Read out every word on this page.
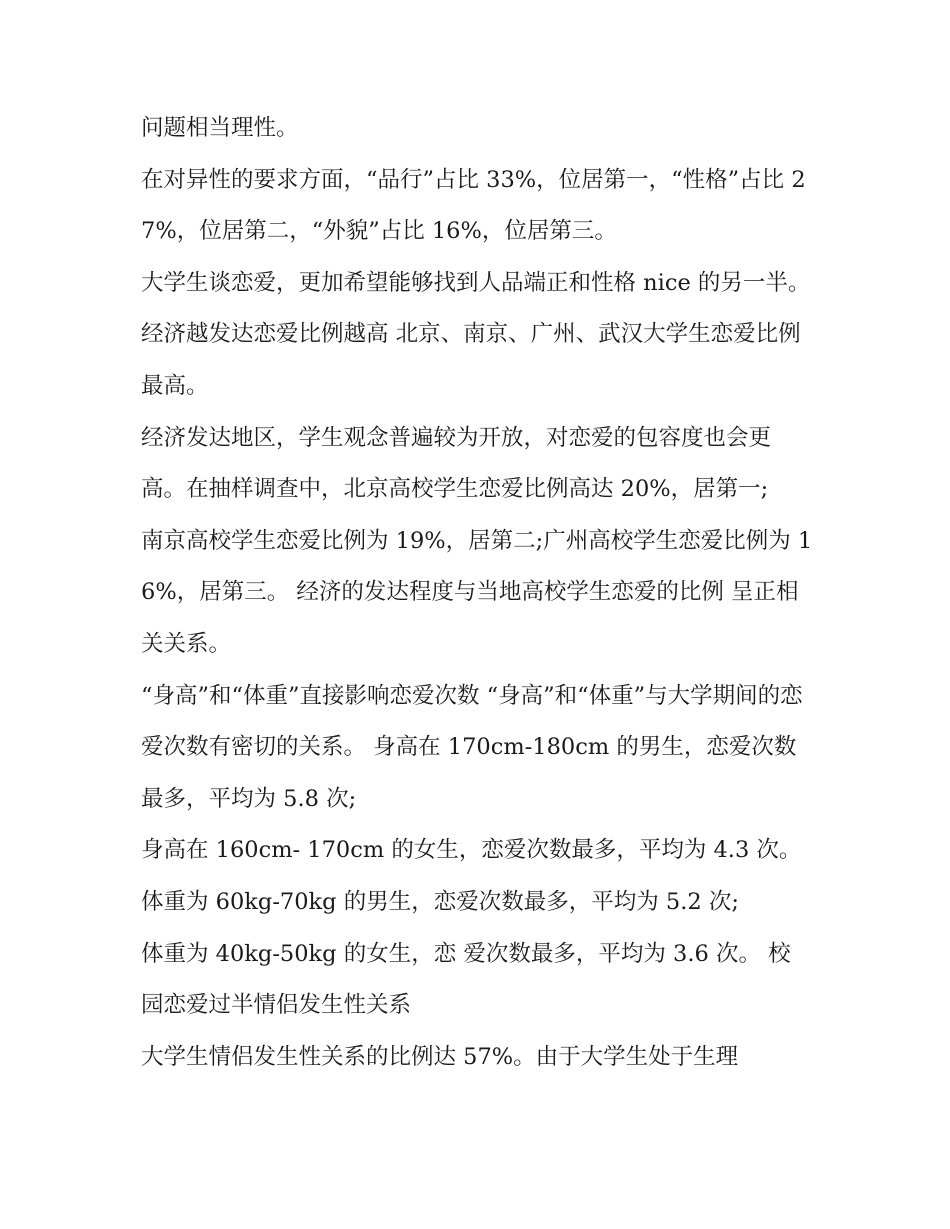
问题相当理性。

在对异性的要求方面，“品行”占比 33%，位居第一，“性格”占比 27%，位居第二，“外貌”占比 16%，位居第三。

大学生谈恋爱，更加希望能够找到人品端正和性格 nice 的另一半。 经济越发达恋爱比例越高 北京、南京、广州、武汉大学生恋爱比例最高。

经济发达地区，学生观念普遍较为开放，对恋爱的包容度也会更高。在抽样调查中，北京高校学生恋爱比例高达 20%，居第一;

南京高校学生恋爱比例为 19%，居第二;广州高校学生恋爱比例为 16%，居第三。 经济的发达程度与当地高校学生恋爱的比例 呈正相关关系。

“身高”和“体重”直接影响恋爱次数 “身高”和“体重”与大学期间的恋爱次数有密切的关系。 身高在 170cm-180cm 的男生，恋爱次数最多，平均为 5.8 次;

身高在 160cm- 170cm 的女生，恋爱次数最多，平均为 4.3 次。

体重为 60kg-70kg 的男生，恋爱次数最多，平均为 5.2 次;

体重为 40kg-50kg 的女生，恋 爱次数最多，平均为 3.6 次。 校园恋爱过半情侣发生性关系

大学生情侣发生性关系的比例达 57%。由于大学生处于生理
